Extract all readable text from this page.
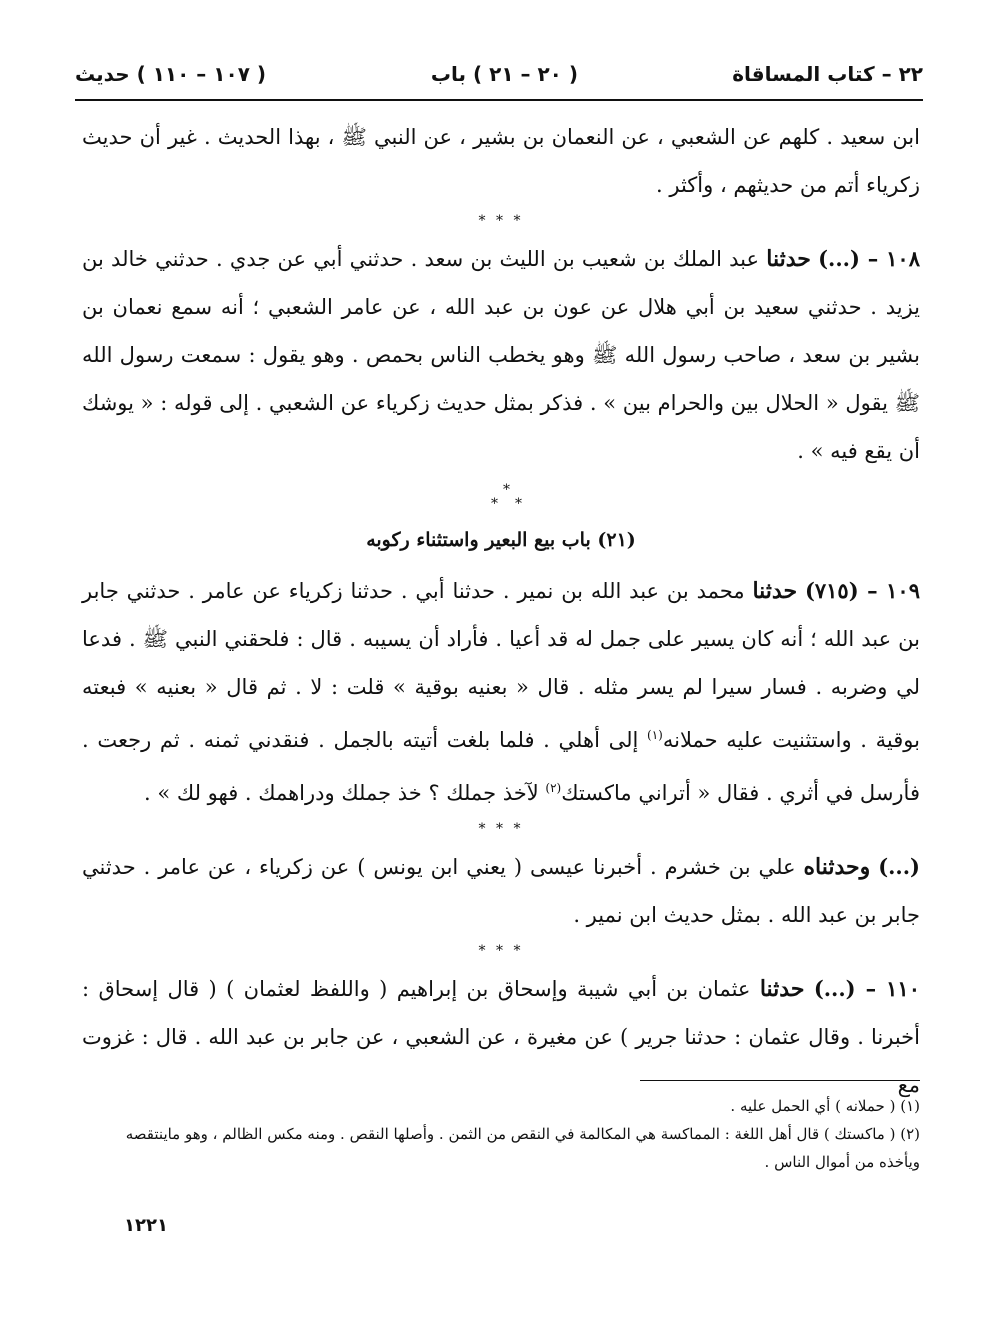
٢٢ – كتاب المساقاة
( ٢٠ – ٢١ ) باب
( ١٠٧ – ١١٠ ) حديث

ابن سعيد . كلهم عن الشعبي ، عن النعمان بن بشير ، عن النبي ﷺ ، بهذا الحديث . غير أن حديث زكرياء أتم من حديثهم ، وأكثر .

* * *

١٠٨ – (...) حدثنا عبد الملك بن شعيب بن الليث بن سعد . حدثني أبي عن جدي . حدثني خالد بن يزيد . حدثني سعيد بن أبي هلال عن عون بن عبد الله ، عن عامر الشعبي ؛ أنه سمع نعمان بن بشير بن سعد ، صاحب رسول الله ﷺ وهو يخطب الناس بحمص . وهو يقول : سمعت رسول الله ﷺ يقول « الحلال بين والحرام بين » . فذكر بمثل حديث زكرياء عن الشعبي . إلى قوله : « يوشك أن يقع فيه » .

*
*
*
(٢١) باب بيع البعير واستثناء ركوبه

١٠٩ – (٧١٥) حدثنا محمد بن عبد الله بن نمير . حدثنا أبي . حدثنا زكرياء عن عامر . حدثني جابر بن عبد الله ؛ أنه كان يسير على جمل له قد أعيا . فأراد أن يسيبه . قال : فلحقني النبي ﷺ . فدعا لي وضربه . فسار سيرا لم يسر مثله . قال « بعنيه بوقية » قلت : لا . ثم قال « بعنيه » فبعته بوقية . واستثنيت عليه حملانه$^{(١)}$ إلى أهلي . فلما بلغت أتيته بالجمل . فنقدني ثمنه . ثم رجعت . فأرسل في أثري . فقال « أتراني ماكستك$^{(٢)}$ لآخذ جملك ؟ خذ جملك ودراهمك . فهو لك » .

* * *

(...) وحدثناه علي بن خشرم . أخبرنا عيسى ( يعني ابن يونس ) عن زكرياء ، عن عامر . حدثني جابر بن عبد الله . بمثل حديث ابن نمير .

* * *

١١٠ – (...) حدثنا عثمان بن أبي شيبة وإسحاق بن إبراهيم ( واللفظ لعثمان ) ( قال إسحاق : أخبرنا . وقال عثمان : حدثنا جرير ) عن مغيرة ، عن الشعبي ، عن جابر بن عبد الله . قال : غزوت مع

(١) ( حملانه ) أي الحمل عليه .

(٢) ( ماكستك ) قال أهل اللغة : المماكسة هي المكالمة في النقص من الثمن . وأصلها النقص . ومنه مكس الظالم ، وهو ماينتقصه ويأخذه من أموال الناس .

١٢٢١
